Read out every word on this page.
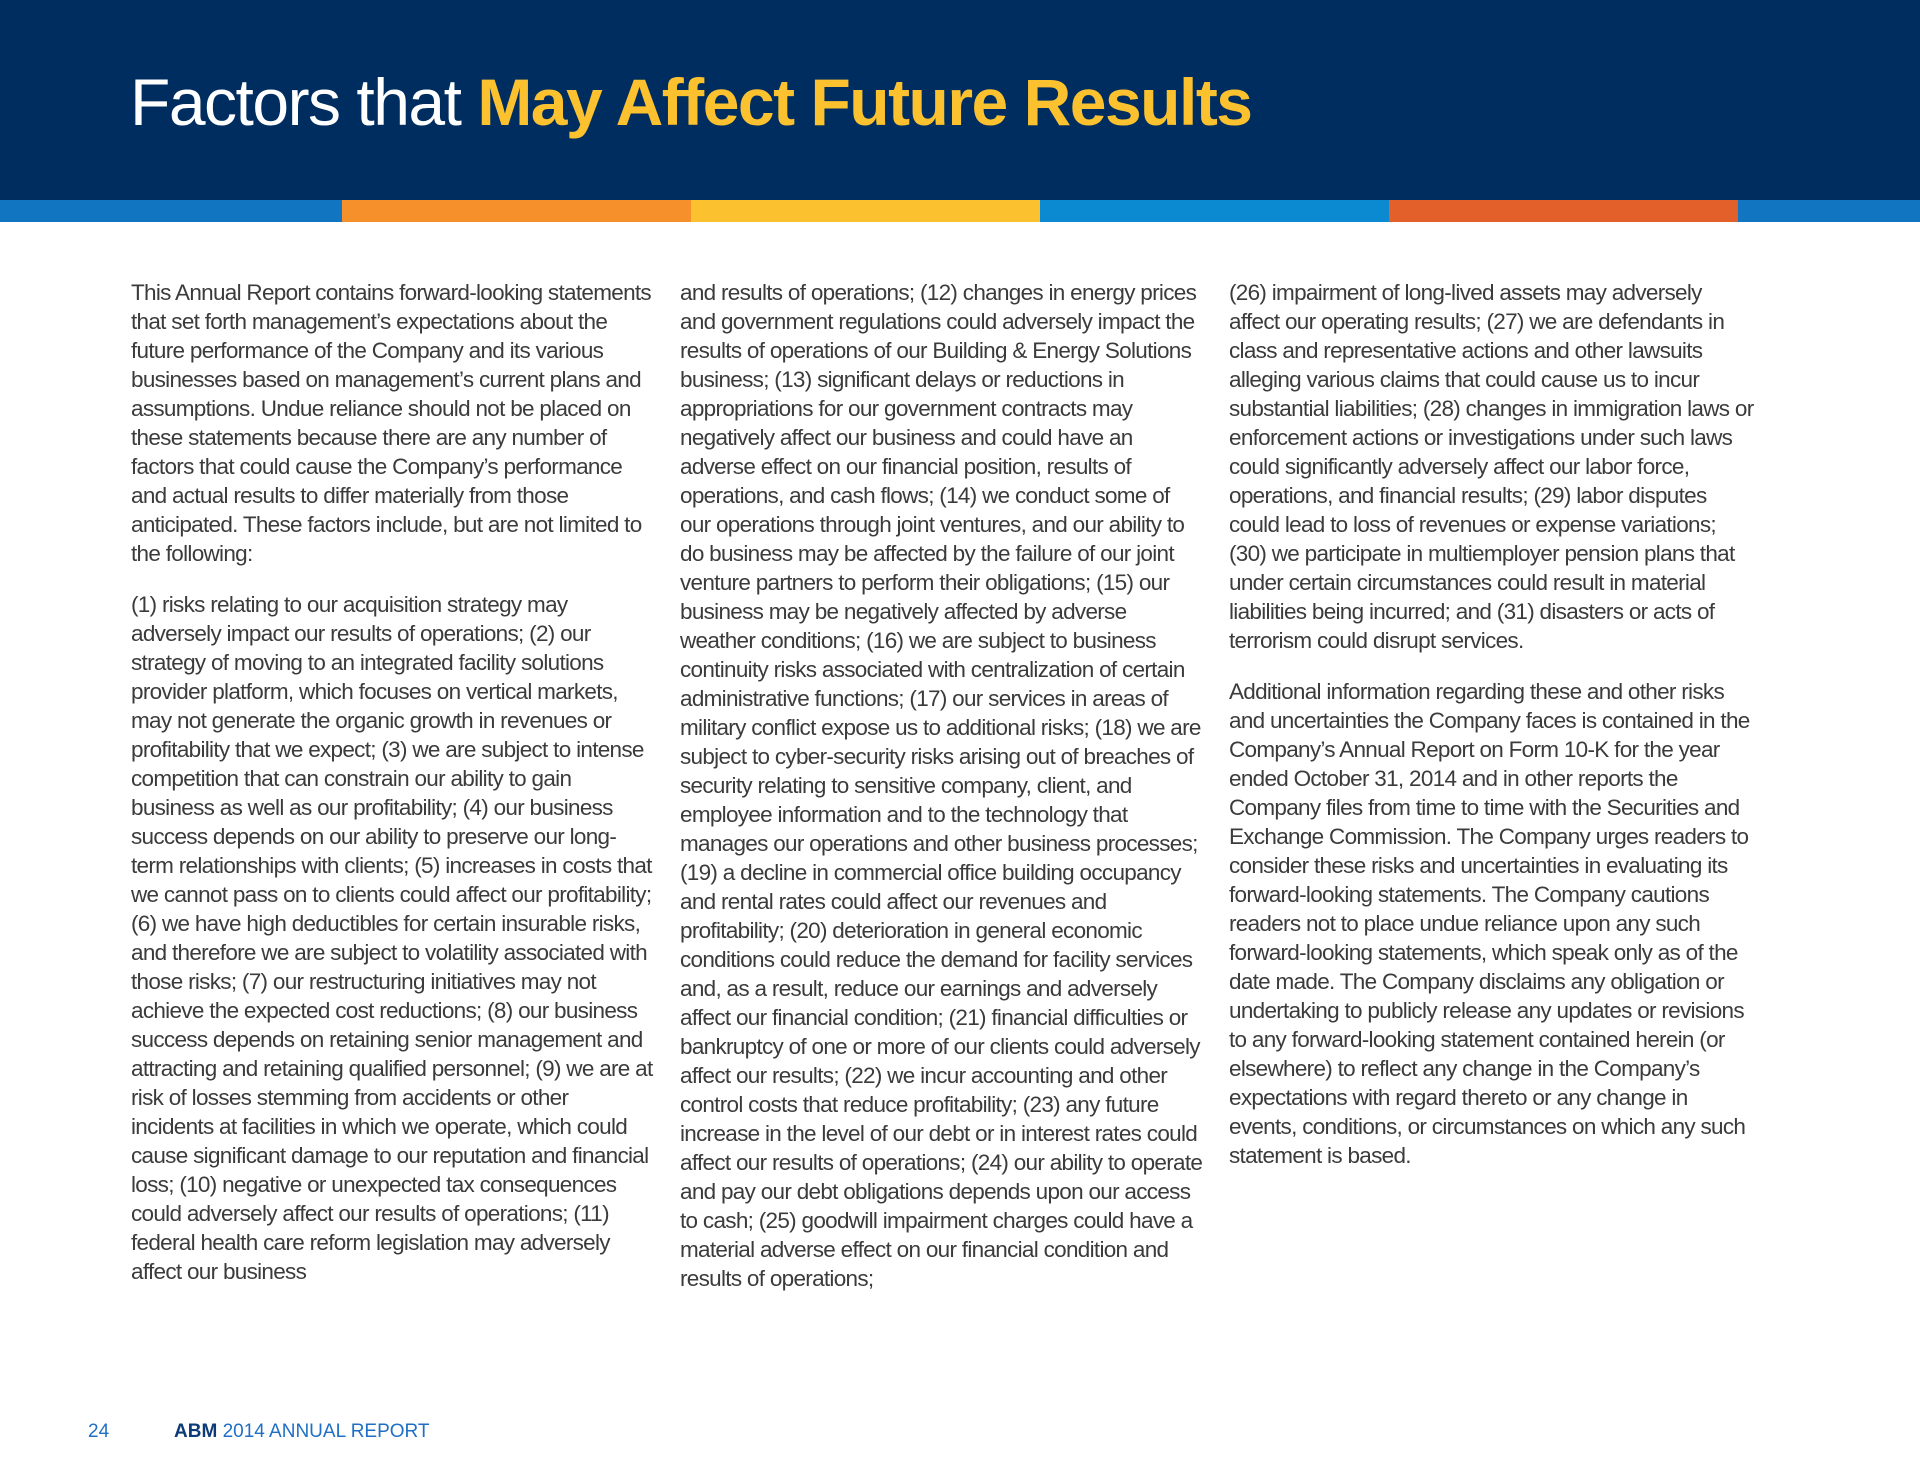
Factors that May Affect Future Results

This Annual Report contains forward-looking statements that set forth management’s expectations about the future performance of the Company and its various businesses based on management’s current plans and assumptions. Undue reliance should not be placed on these statements because there are any number of factors that could cause the Company’s performance and actual results to differ materially from those anticipated. These factors include, but are not limited to the following:

(1) risks relating to our acquisition strategy may adversely impact our results of operations; (2) our strategy of moving to an integrated facility solutions provider platform, which focuses on vertical markets, may not generate the organic growth in revenues or profitability that we expect; (3) we are subject to intense competition that can constrain our ability to gain business as well as our profitability; (4) our business success depends on our ability to preserve our long-term relationships with clients; (5) increases in costs that we cannot pass on to clients could affect our profitability; (6) we have high deductibles for certain insurable risks, and therefore we are subject to volatility associated with those risks; (7) our restructuring initiatives may not achieve the expected cost reductions; (8) our business success depends on retaining senior management and attracting and retaining qualified personnel; (9) we are at risk of losses stemming from accidents or other incidents at facilities in which we operate, which could cause significant damage to our reputation and financial loss; (10) negative or unexpected tax consequences could adversely affect our results of operations; (11) federal health care reform legislation may adversely affect our business

and results of operations; (12) changes in energy prices and government regulations could adversely impact the results of operations of our Building & Energy Solutions business; (13) significant delays or reductions in appropriations for our government contracts may negatively affect our business and could have an adverse effect on our financial position, results of operations, and cash flows; (14) we conduct some of our operations through joint ventures, and our ability to do business may be affected by the failure of our joint venture partners to perform their obligations; (15) our business may be negatively affected by adverse weather conditions; (16) we are subject to business continuity risks associated with centralization of certain administrative functions; (17) our services in areas of military conflict expose us to additional risks; (18) we are subject to cyber-security risks arising out of breaches of security relating to sensitive company, client, and employee information and to the technology that manages our operations and other business processes; (19) a decline in commercial office building occupancy and rental rates could affect our revenues and profitability; (20) deterioration in general economic conditions could reduce the demand for facility services and, as a result, reduce our earnings and adversely affect our financial condition; (21) financial difficulties or bankruptcy of one or more of our clients could adversely affect our results; (22) we incur accounting and other control costs that reduce profitability; (23) any future increase in the level of our debt or in interest rates could affect our results of operations; (24) our ability to operate and pay our debt obligations depends upon our access to cash; (25) goodwill impairment charges could have a material adverse effect on our financial condition and results of operations;

(26) impairment of long-lived assets may adversely affect our operating results; (27) we are defendants in class and representative actions and other lawsuits alleging various claims that could cause us to incur substantial liabilities; (28) changes in immigration laws or enforcement actions or investigations under such laws could significantly adversely affect our labor force, operations, and financial results; (29) labor disputes could lead to loss of revenues or expense variations; (30) we participate in multiemployer pension plans that under certain circumstances could result in material liabilities being incurred; and (31) disasters or acts of terrorism could disrupt services.

Additional information regarding these and other risks and uncertainties the Company faces is contained in the Company’s Annual Report on Form 10-K for the year ended October 31, 2014 and in other reports the Company files from time to time with the Securities and Exchange Commission. The Company urges readers to consider these risks and uncertainties in evaluating its forward-looking statements. The Company cautions readers not to place undue reliance upon any such forward-looking statements, which speak only as of the date made. The Company disclaims any obligation or undertaking to publicly release any updates or revisions to any forward-looking statement contained herein (or elsewhere) to reflect any change in the Company’s expectations with regard thereto or any change in events, conditions, or circumstances on which any such statement is based.

24	ABM 2014 ANNUAL REPORT
